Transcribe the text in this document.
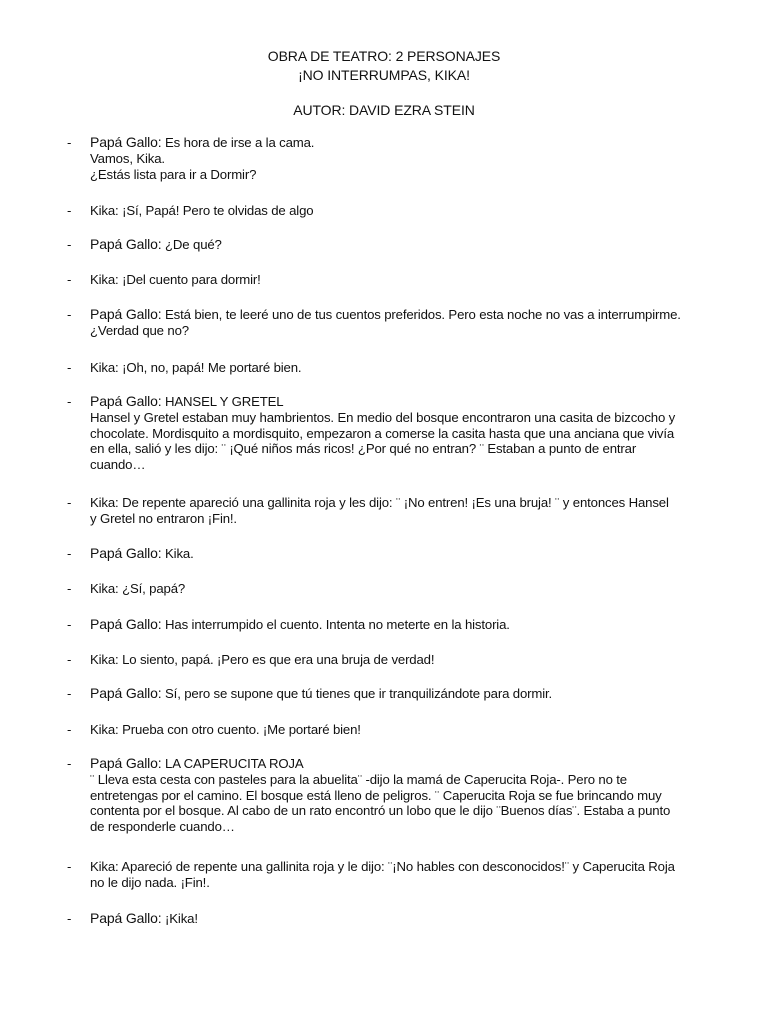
OBRA DE TEATRO: 2 PERSONAJES
¡NO INTERRUMPAS, KIKA!
AUTOR: DAVID EZRA STEIN
- Papá Gallo: Es hora de irse a la cama.
Vamos, Kika.
¿Estás lista para ir a Dormir?
- Kika: ¡Sí, Papá! Pero te olvidas de algo
- Papá Gallo: ¿De qué?
- Kika: ¡Del cuento para dormir!
- Papá Gallo: Está bien, te leeré uno de tus cuentos preferidos. Pero esta noche no vas a interrumpirme.
¿Verdad que no?
- Kika: ¡Oh, no, papá! Me portaré bien.
- Papá Gallo: HANSEL Y GRETEL
Hansel y Gretel estaban muy hambrientos. En medio del bosque encontraron una casita de bizcocho y
chocolate. Mordisquito a mordisquito, empezaron a comerse la casita hasta que una anciana que vivía
en ella, salió y les dijo: ¨ ¡Qué niños más ricos! ¿Por qué no entran? ¨ Estaban a punto de entrar
cuando…
- Kika: De repente apareció una gallinita roja y les dijo: ¨ ¡No entren! ¡Es una bruja! ¨ y entonces Hansel
y Gretel no entraron ¡Fin!.
- Papá Gallo: Kika.
- Kika: ¿Sí, papá?
- Papá Gallo: Has interrumpido el cuento. Intenta no meterte en la historia.
- Kika: Lo siento, papá. ¡Pero es que era una bruja de verdad!
- Papá Gallo: Sí, pero se supone que tú tienes que ir tranquilizándote para dormir.
- Kika: Prueba con otro cuento. ¡Me portaré bien!
- Papá Gallo: LA CAPERUCITA ROJA
¨ Lleva esta cesta con pasteles para la abuelita¨ -dijo la mamá de Caperucita Roja-. Pero no te
entretengas por el camino. El bosque está lleno de peligros. ¨ Caperucita Roja se fue brincando muy
contenta por el bosque. Al cabo de un rato encontró un lobo que le dijo ¨Buenos días¨. Estaba a punto
de responderle cuando…
- Kika: Apareció de repente una gallinita roja y le dijo: ¨¡No hables con desconocidos!¨ y Caperucita Roja
no le dijo nada. ¡Fin!.
- Papá Gallo: ¡Kika!
